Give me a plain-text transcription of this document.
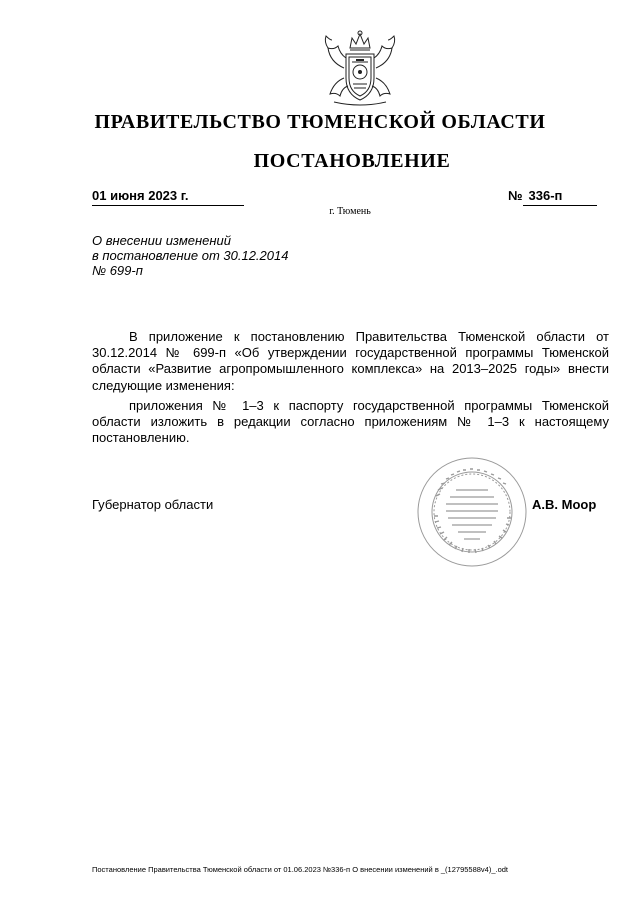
ПРАВИТЕЛЬСТВО ТЮМЕНСКОЙ ОБЛАСТИ
ПОСТАНОВЛЕНИЕ
01 июня 2023 г.	№ 336-п
г. Тюмень
О внесении изменений
в постановление от 30.12.2014
№ 699-п

В приложение к постановлению Правительства Тюменской области от 30.12.2014 № 699-п «Об утверждении государственной программы Тюменской области «Развитие агропромышленного комплекса» на 2013–2025 годы» внести следующие изменения:

приложения № 1–3 к паспорту государственной программы Тюменской области изложить в редакции согласно приложениям № 1–3 к настоящему постановлению.

Губернатор области	А.В. Моор
Постановление Правительства Тюменской области от 01.06.2023 №336-п О внесении изменений в _(12795588v4)_.odt
